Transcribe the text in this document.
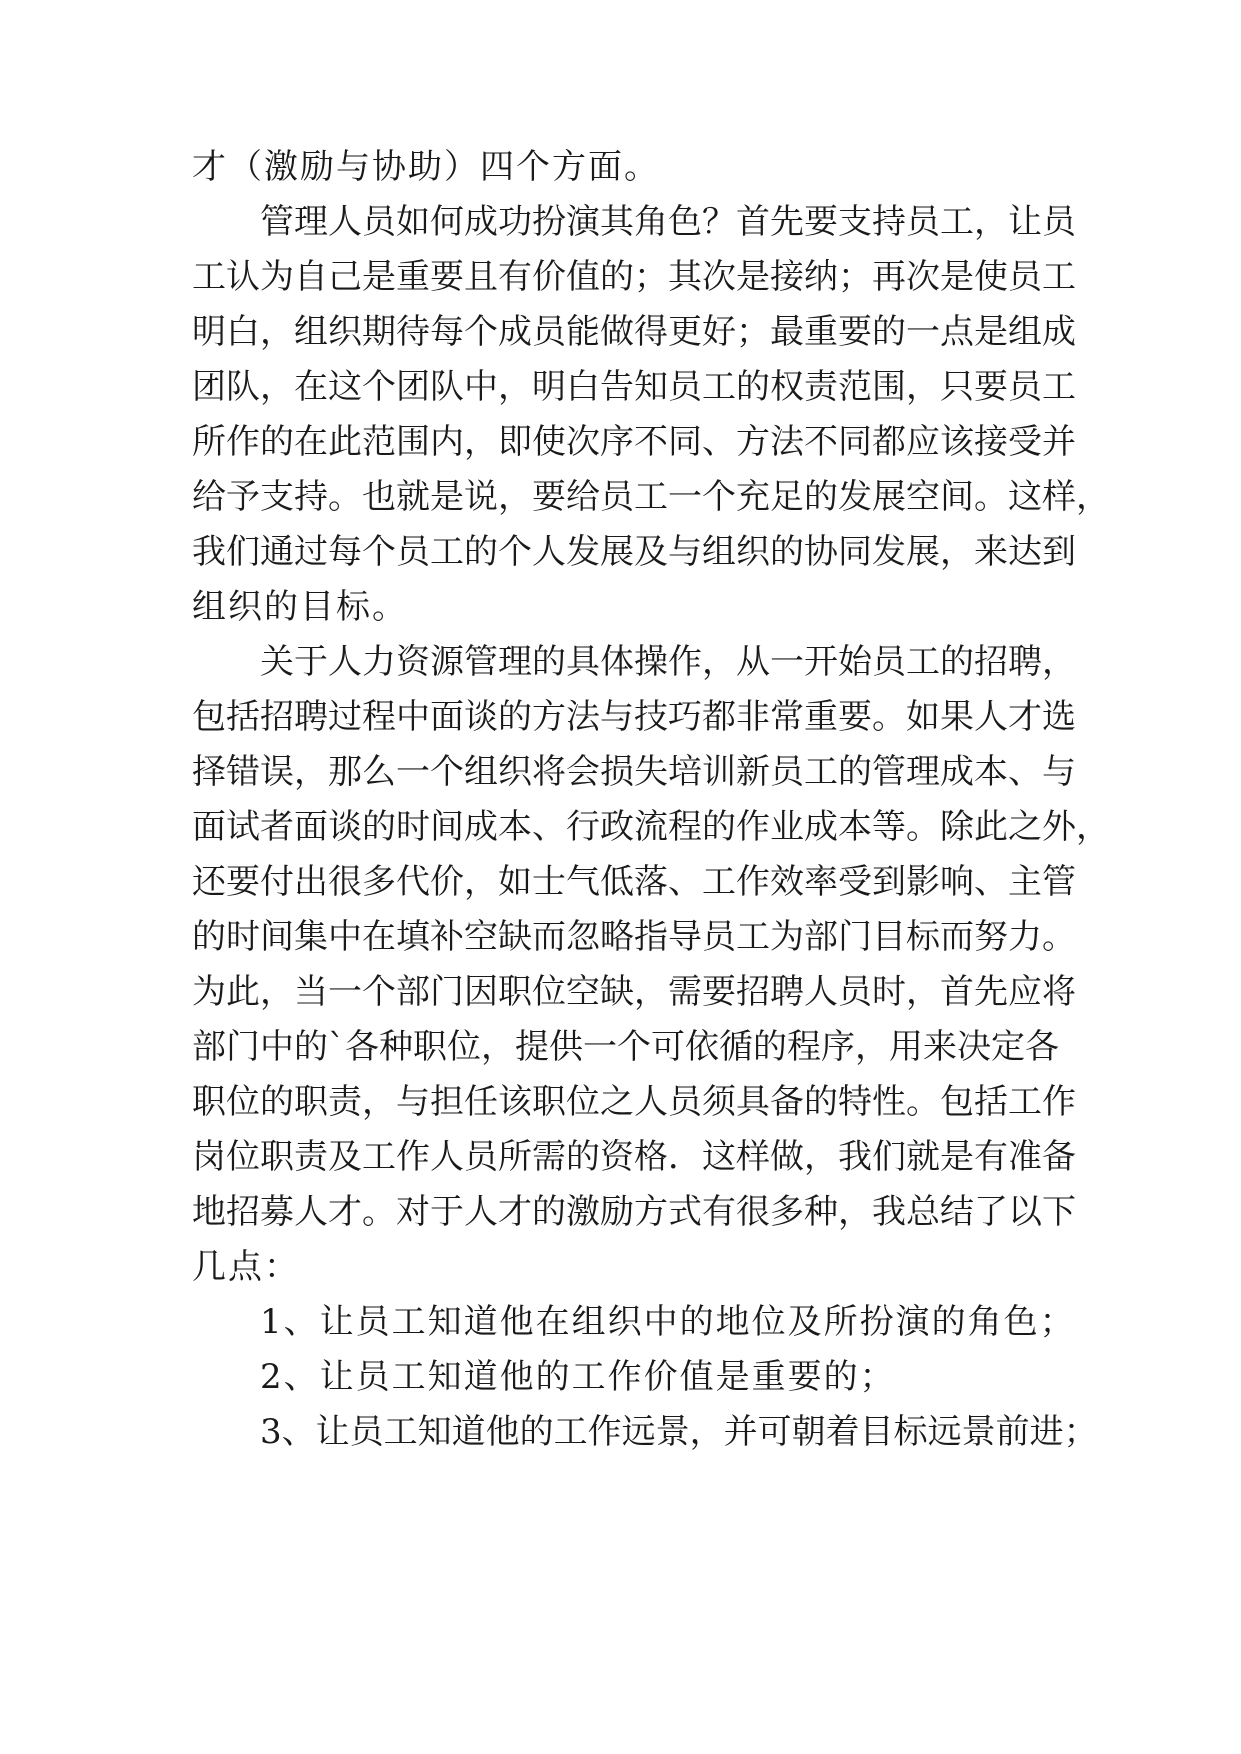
才（激励与协助）四个方面。
管理人员如何成功扮演其角色？首先要支持员工，让员
工认为自己是重要且有价值的；其次是接纳；再次是使员工
明白，组织期待每个成员能做得更好；最重要的一点是组成
团队，在这个团队中，明白告知员工的权责范围，只要员工
所作的在此范围内，即使次序不同、方法不同都应该接受并
给予支持。也就是说，要给员工一个充足的发展空间。这样，
我们通过每个员工的个人发展及与组织的协同发展，来达到
组织的目标。
关于人力资源管理的具体操作，从一开始员工的招聘，
包括招聘过程中面谈的方法与技巧都非常重要。如果人才选
择错误，那么一个组织将会损失培训新员工的管理成本、与
面试者面谈的时间成本、行政流程的作业成本等。除此之外，
还要付出很多代价，如士气低落、工作效率受到影响、主管
的时间集中在填补空缺而忽略指导员工为部门目标而努力。
为此，当一个部门因职位空缺，需要招聘人员时，首先应将
部门中的`各种职位，提供一个可依循的程序，用来决定各
职位的职责，与担任该职位之人员须具备的特性。包括工作
岗位职责及工作人员所需的资格．这样做，我们就是有准备
地招募人才。对于人才的激励方式有很多种，我总结了以下
几点：
1、让员工知道他在组织中的地位及所扮演的角色；
2、让员工知道他的工作价值是重要的；
3、让员工知道他的工作远景，并可朝着目标远景前进；
